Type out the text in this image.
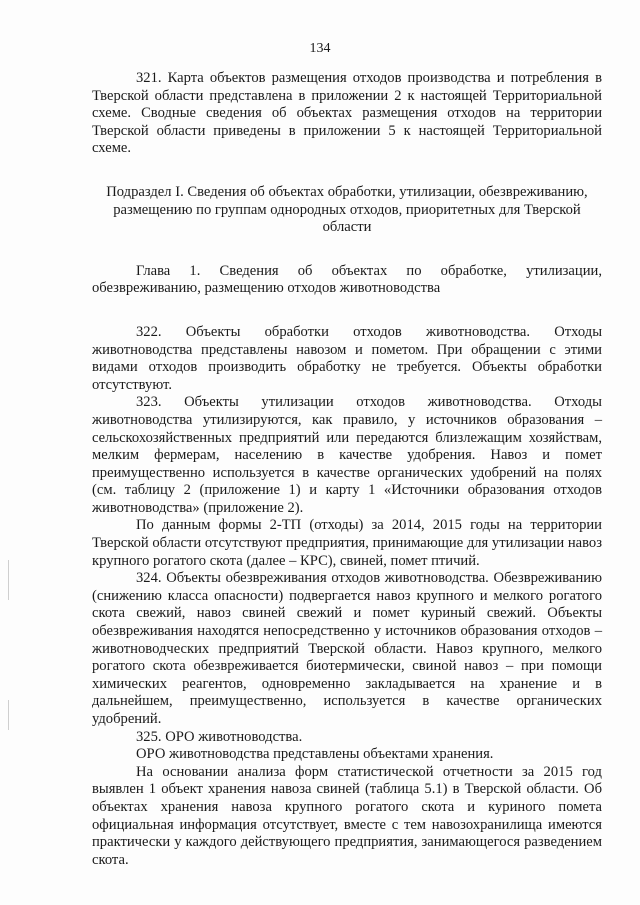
134

321. Карта объектов размещения отходов производства и потребления в Тверской области представлена в приложении 2 к настоящей Территориальной схеме. Сводные сведения об объектах размещения отходов на территории Тверской области приведены в приложении 5 к настоящей Территориальной схеме.

Подраздел I. Сведения об объектах обработки, утилизации, обезвреживанию, размещению по группам однородных отходов, приоритетных для Тверской области

Глава 1. Сведения об объектах по обработке, утилизации, обезвреживанию, размещению отходов животноводства

322. Объекты обработки отходов животноводства. Отходы животноводства представлены навозом и пометом. При обращении с этими видами отходов производить обработку не требуется. Объекты обработки отсутствуют.

323. Объекты утилизации отходов животноводства. Отходы животноводства утилизируются, как правило, у источников образования – сельскохозяйственных предприятий или передаются близлежащим хозяйствам, мелким фермерам, населению в качестве удобрения. Навоз и помет преимущественно используется в качестве органических удобрений на полях (см. таблицу 2 (приложение 1) и карту 1 «Источники образования отходов животноводства» (приложение 2).

По данным формы 2-ТП (отходы) за 2014, 2015 годы на территории Тверской области отсутствуют предприятия, принимающие для утилизации навоз крупного рогатого скота (далее – КРС), свиней, помет птичий.

324. Объекты обезвреживания отходов животноводства. Обезвреживанию (снижению класса опасности) подвергается навоз крупного и мелкого рогатого скота свежий, навоз свиней свежий и помет куриный свежий. Объекты обезвреживания находятся непосредственно у источников образования отходов – животноводческих предприятий Тверской области. Навоз крупного, мелкого рогатого скота обезвреживается биотермически, свиной навоз – при помощи химических реагентов, одновременно закладывается на хранение и в дальнейшем, преимущественно, используется в качестве органических удобрений.

325. ОРО животноводства.

ОРО животноводства представлены объектами хранения.

На основании анализа форм статистической отчетности за 2015 год выявлен 1 объект хранения навоза свиней (таблица 5.1) в Тверской области. Об объектах хранения навоза крупного рогатого скота и куриного помета официальная информация отсутствует, вместе с тем навозохранилища имеются практически у каждого действующего предприятия, занимающегося разведением скота.
